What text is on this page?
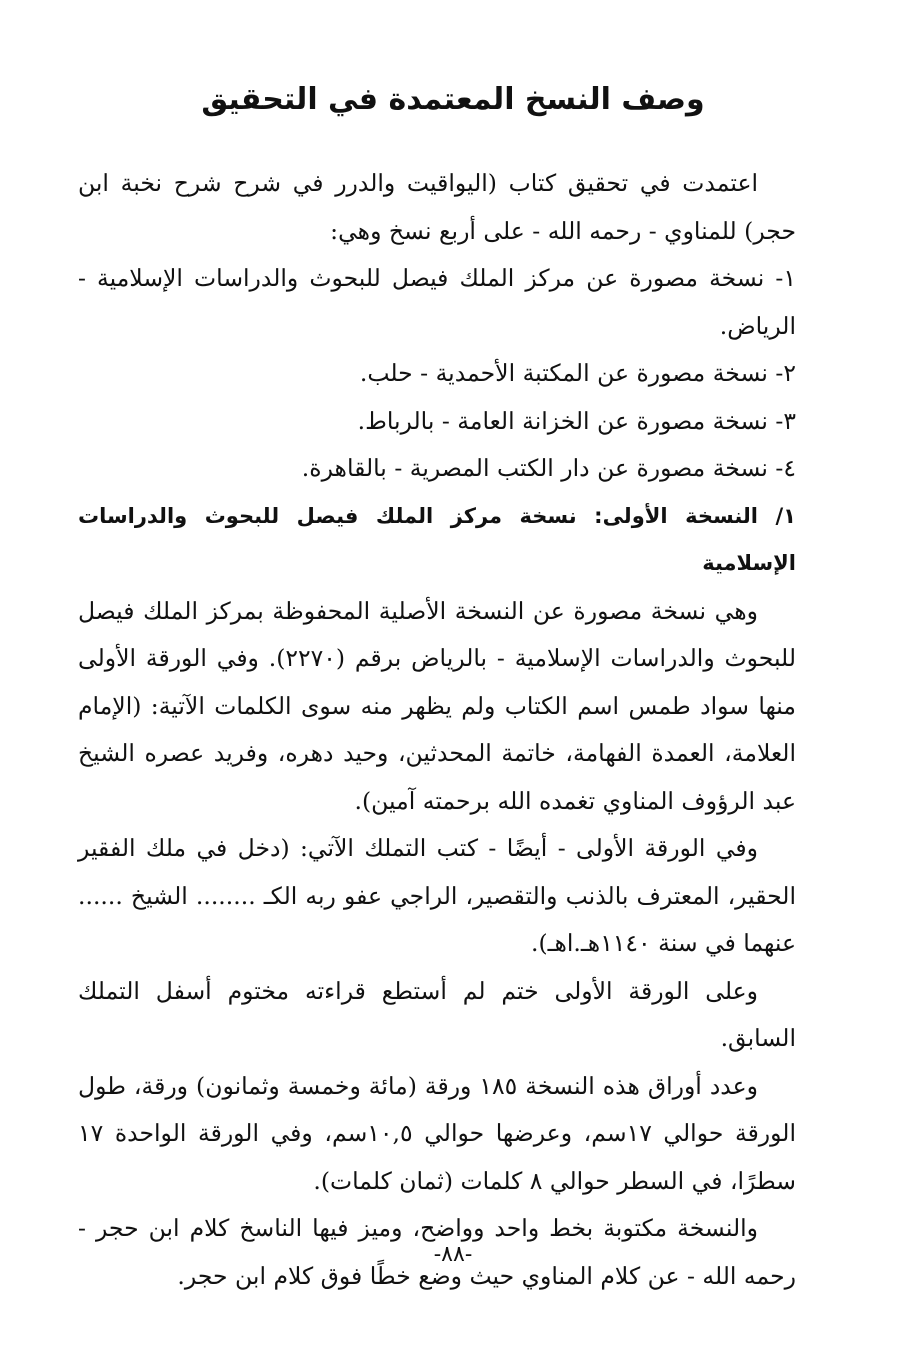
وصف النسخ المعتمدة في التحقيق

اعتمدت في تحقيق كتاب (اليواقيت والدرر في شرح شرح نخبة ابن حجر) للمناوي - رحمه الله - على أربع نسخ وهي:

١- نسخة مصورة عن مركز الملك فيصل للبحوث والدراسات الإسلامية - الرياض.

٢- نسخة مصورة عن المكتبة الأحمدية - حلب.

٣- نسخة مصورة عن الخزانة العامة - بالرباط.

٤- نسخة مصورة عن دار الكتب المصرية - بالقاهرة.

١/ النسخة الأولى: نسخة مركز الملك فيصل للبحوث والدراسات الإسلامية

وهي نسخة مصورة عن النسخة الأصلية المحفوظة بمركز الملك فيصل للبحوث والدراسات الإسلامية - بالرياض برقم (٢٢٧٠). وفي الورقة الأولى منها سواد طمس اسم الكتاب ولم يظهر منه سوى الكلمات الآتية: (الإمام العلامة، العمدة الفهامة، خاتمة المحدثين، وحيد دهره، وفريد عصره الشيخ عبد الرؤوف المناوي تغمده الله برحمته آمين).

وفي الورقة الأولى - أيضًا - كتب التملك الآتي: (دخل في ملك الفقير الحقير، المعترف بالذنب والتقصير، الراجي عفو ربه الكـ ........ الشيخ ...... عنهما في سنة ١١٤٠هـ.اهـ).

وعلى الورقة الأولى ختم لم أستطع قراءته مختوم أسفل التملك السابق.

وعدد أوراق هذه النسخة ١٨٥ ورقة (مائة وخمسة وثمانون) ورقة، طول الورقة حوالي ١٧سم، وعرضها حوالي ١٠,٥سم، وفي الورقة الواحدة ١٧ سطرًا، في السطر حوالي ٨ كلمات (ثمان كلمات).

والنسخة مكتوبة بخط واحد وواضح، وميز فيها الناسخ كلام ابن حجر - رحمه الله - عن كلام المناوي حيث وضع خطًا فوق كلام ابن حجر.

-٨٨-
